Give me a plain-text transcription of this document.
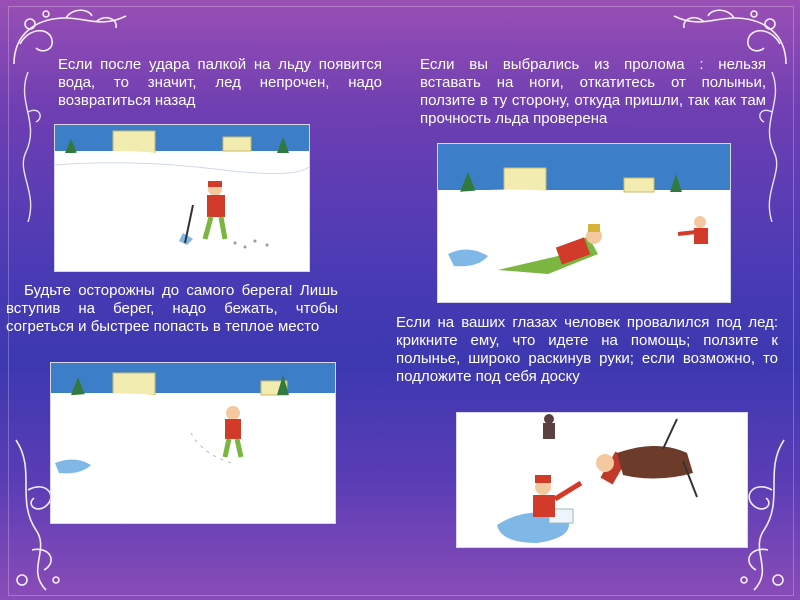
Если после удара палкой на льду появится вода, то значит, лед непрочен, надо возвратиться назад
Если вы выбрались из пролома : нельзя вставать на ноги, откатитесь от полыньи, ползите в ту сторону, откуда пришли, так как там прочность льда проверена
Будьте осторожны до самого берега! Лишь вступив на берег, надо бежать, чтобы согреться и быстрее попасть в теплое место	Если на ваших глазах человек провалился под лед: крикните ему, что идете на помощь; ползите к полынье, широко раскинув руки; если возможно, то подложите под себя доску
